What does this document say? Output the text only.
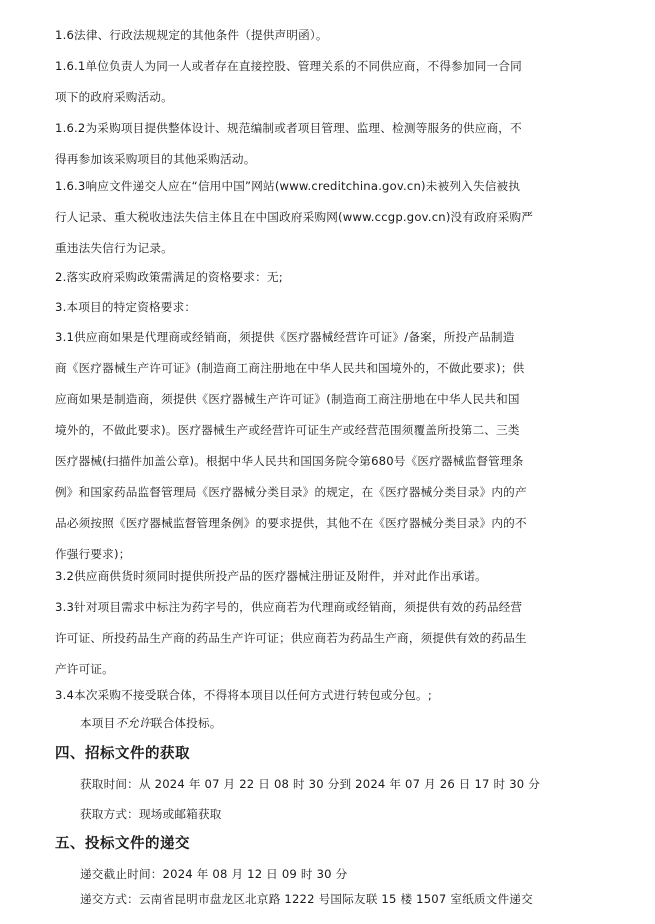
1.6法律、行政法规规定的其他条件（提供声明函）。
1.6.1单位负责人为同一人或者存在直接控股、管理关系的不同供应商，不得参加同一合同
项下的政府采购活动。
1.6.2为采购项目提供整体设计、规范编制或者项目管理、监理、检测等服务的供应商，不
得再参加该采购项目的其他采购活动。
1.6.3响应文件递交人应在“信用中国”网站(www.creditchina.gov.cn)未被列入失信被执
行人记录、重大税收违法失信主体且在中国政府采购网(www.ccgp.gov.cn)没有政府采购严
重违法失信行为记录。
2.落实政府采购政策需满足的资格要求：无;
3.本项目的特定资格要求：
3.1供应商如果是代理商或经销商，须提供《医疗器械经营许可证》/备案，所投产品制造
商《医疗器械生产许可证》(制造商工商注册地在中华人民共和国境外的，不做此要求)；供
应商如果是制造商，须提供《医疗器械生产许可证》(制造商工商注册地在中华人民共和国
境外的，不做此要求)。医疗器械生产或经营许可证生产或经营范围须覆盖所投第二、三类
医疗器械(扫描件加盖公章)。根据中华人民共和国国务院令第680号《医疗器械监督管理条
例》和国家药品监督管理局《医疗器械分类目录》的规定，在《医疗器械分类目录》内的产
品必须按照《医疗器械监督管理条例》的要求提供，其他不在《医疗器械分类目录》内的不
作强行要求)；
3.2供应商供货时须同时提供所投产品的医疗器械注册证及附件，并对此作出承诺。
3.3针对项目需求中标注为药字号的，供应商若为代理商或经销商，须提供有效的药品经营
许可证、所投药品生产商的药品生产许可证；供应商若为药品生产商，须提供有效的药品生
产许可证。
3.4本次采购不接受联合体，不得将本项目以任何方式进行转包或分包。;
本项目不允许联合体投标。
四、招标文件的获取
获取时间：从 2024 年 07 月 22 日 08 时 30 分到 2024 年 07 月 26 日 17 时 30 分
获取方式：现场或邮箱获取
五、投标文件的递交
递交截止时间：2024 年 08 月 12 日 09 时 30 分
递交方式：云南省昆明市盘龙区北京路 1222 号国际友联 15 楼 1507 室纸质文件递交
